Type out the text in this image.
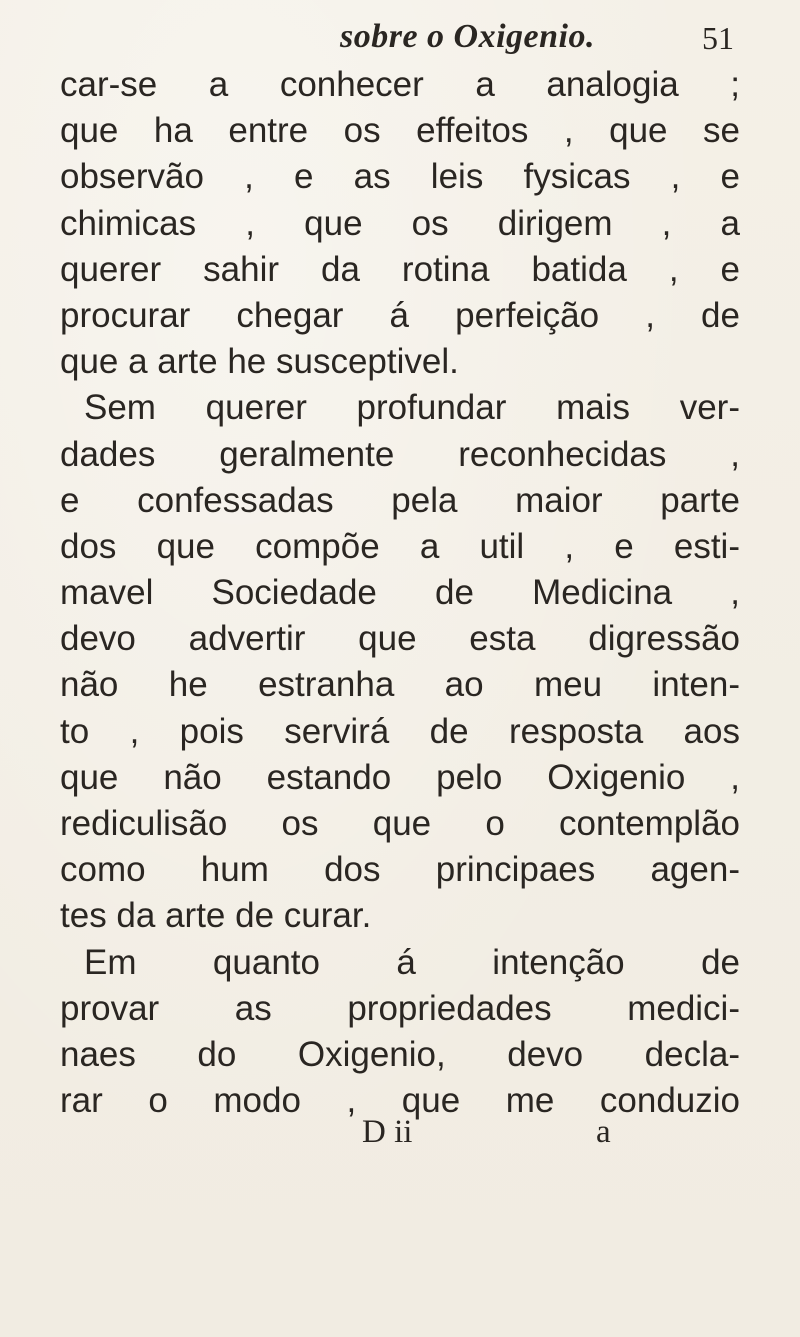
sobre o Oxigenio.	51
car-se a conhecer a analogia ;
que ha entre os effeitos , que se
observão , e as leis fysicas , e
chimicas , que os dirigem , a
querer sahir da rotina batida , e
procurar chegar á perfeição , de
que a arte he susceptivel.
Sem querer profundar mais ver-
dades geralmente reconhecidas ,
e confessadas pela maior parte
dos que compõe a util , e esti-
mavel Sociedade de Medicina ,
devo advertir que esta digressão
não he estranha ao meu inten-
to , pois servirá de resposta aos
que não estando pelo Oxigenio ,
rediculisão os que o contemplão
como hum dos principaes agen-
tes da arte de curar.
Em quanto á intenção de
provar as propriedades medici-
naes do Oxigenio, devo decla-
rar o modo , que me conduzio
D ii	a
